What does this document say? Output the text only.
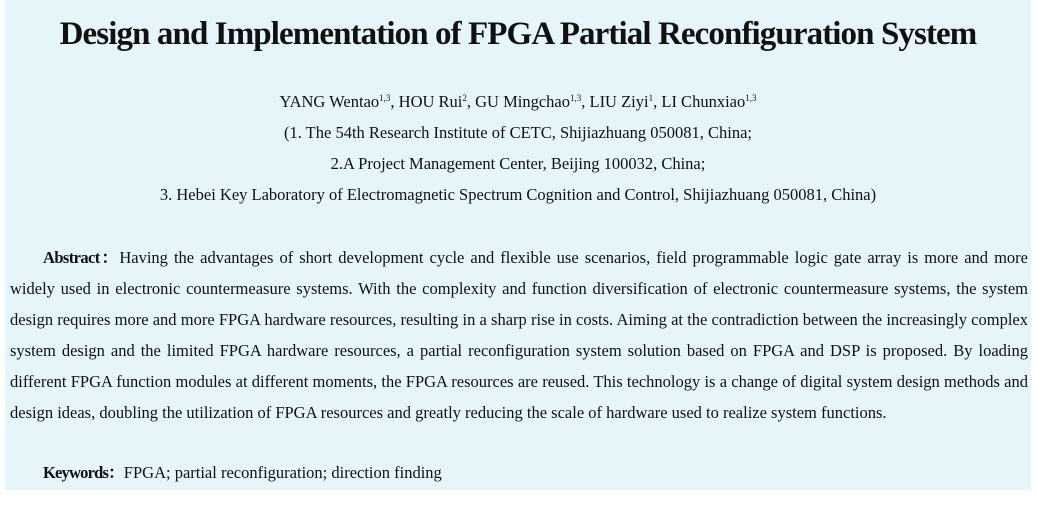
Design and Implementation of FPGA Partial Reconfiguration System
YANG Wentao$^{1,3}$, HOU Rui$^2$, GU Mingchao$^{1,3}$, LIU Ziyi$^1$, LI Chunxiao$^{1,3}$
(1. The 54th Research Institute of CETC, Shijiazhuang 050081, China;
2.A Project Management Center, Beijing 100032, China;
3. Hebei Key Laboratory of Electromagnetic Spectrum Cognition and Control, Shijiazhuang 050081, China)

Abstract：Having the advantages of short development cycle and flexible use scenarios, field programmable logic gate array is more and more widely used in electronic countermeasure systems. With the complexity and function diversification of electronic countermeasure systems, the system design requires more and more FPGA hardware resources, resulting in a sharp rise in costs. Aiming at the contradiction between the increasingly complex system design and the limited FPGA hardware resources, a partial reconfiguration system solution based on FPGA and DSP is proposed. By loading different FPGA function modules at different moments, the FPGA resources are reused. This technology is a change of digital system design methods and design ideas, doubling the utilization of FPGA resources and greatly reducing the scale of hardware used to realize system functions.

Keywords：FPGA; partial reconfiguration; direction finding
